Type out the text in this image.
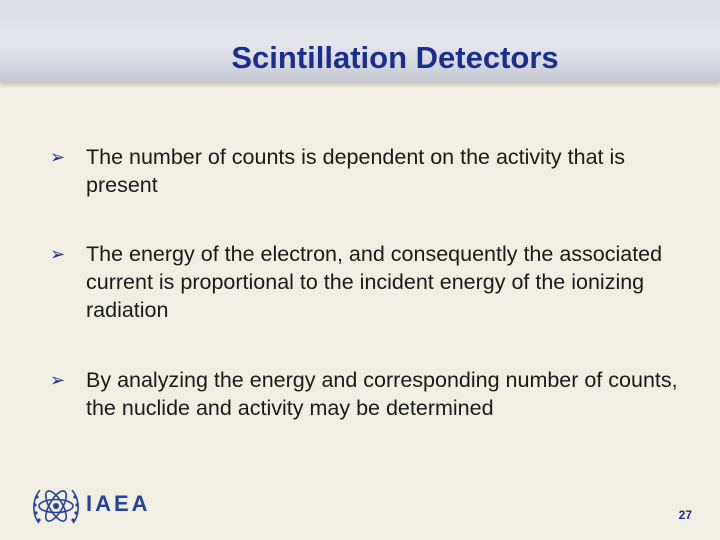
Scintillation Detectors

➢ The number of counts is dependent on the activity that is present

➢ The energy of the electron, and consequently the associated current is proportional to the incident energy of the ionizing radiation

➢ By analyzing the energy and corresponding number of counts, the nuclide and activity may be determined

IAEA	27
